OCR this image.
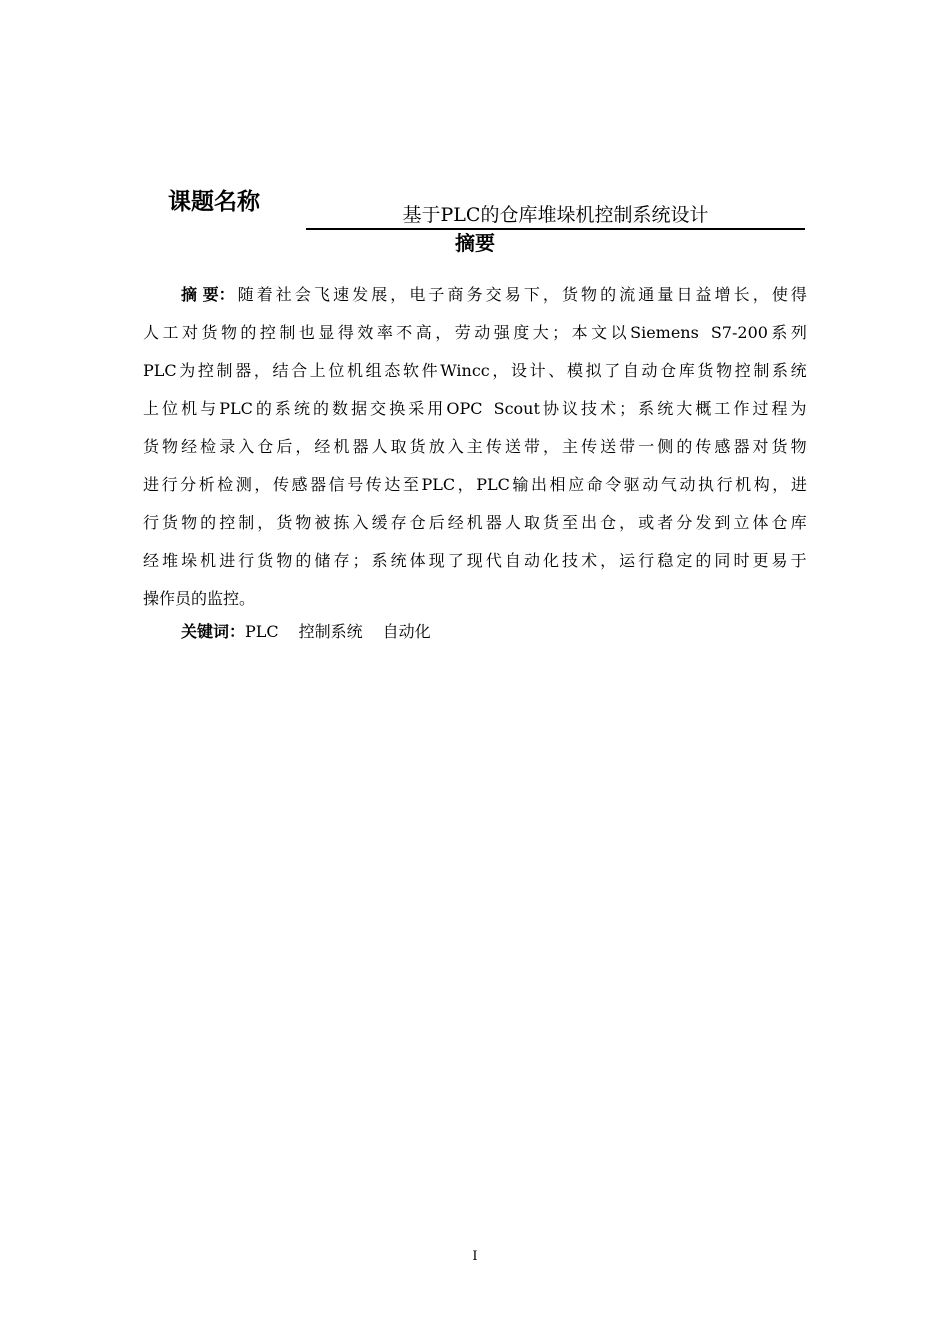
课题名称	基于PLC的仓库堆垛机控制系统设计
摘要
摘 要： 随 着 社 会 飞 速 发 展 ， 电 子 商 务 交 易 下 ， 货 物 的 流 通 量 日 益 增 长 ， 使 得
人 工 对 货 物 的 控 制 也 显 得 效 率 不 高 ， 劳 动 强 度 大 ； 本 文 以 Siemens
S7-200 系 列
PLC 为 控 制 器 ， 结 合 上 位 机 组 态 软 件 Wincc ， 设 计 、 模 拟 了 自 动 仓 库 货 物 控 制 系 统
上 位 机 与 PLC 的 系 统 的 数 据 交 换 采 用 OPC
Scout 协 议 技 术 ； 系 统 大 概 工 作 过 程 为
货 物 经 检 录 入 仓 后 ， 经 机 器 人 取 货 放 入 主 传 送 带 ， 主 传 送 带 一 侧 的 传 感 器 对 货 物
进 行 分 析 检 测 ， 传 感 器 信 号 传 达 至 PLC ， PLC 输 出 相 应 命 令 驱 动 气 动 执 行 机 构 ， 进
行 货 物 的 控 制 ， 货 物 被 拣 入 缓 存 仓 后 经 机 器 人 取 货 至 出 仓 ， 或 者 分 发 到 立 体 仓 库
经 堆 垛 机 进 行 货 物 的 储 存 ； 系 统 体 现 了 现 代 自 动 化 技 术 ， 运 行 稳 定 的 同 时 更 易 于
操作员的监控。
关键词：PLC 控制系统 自动化
I
